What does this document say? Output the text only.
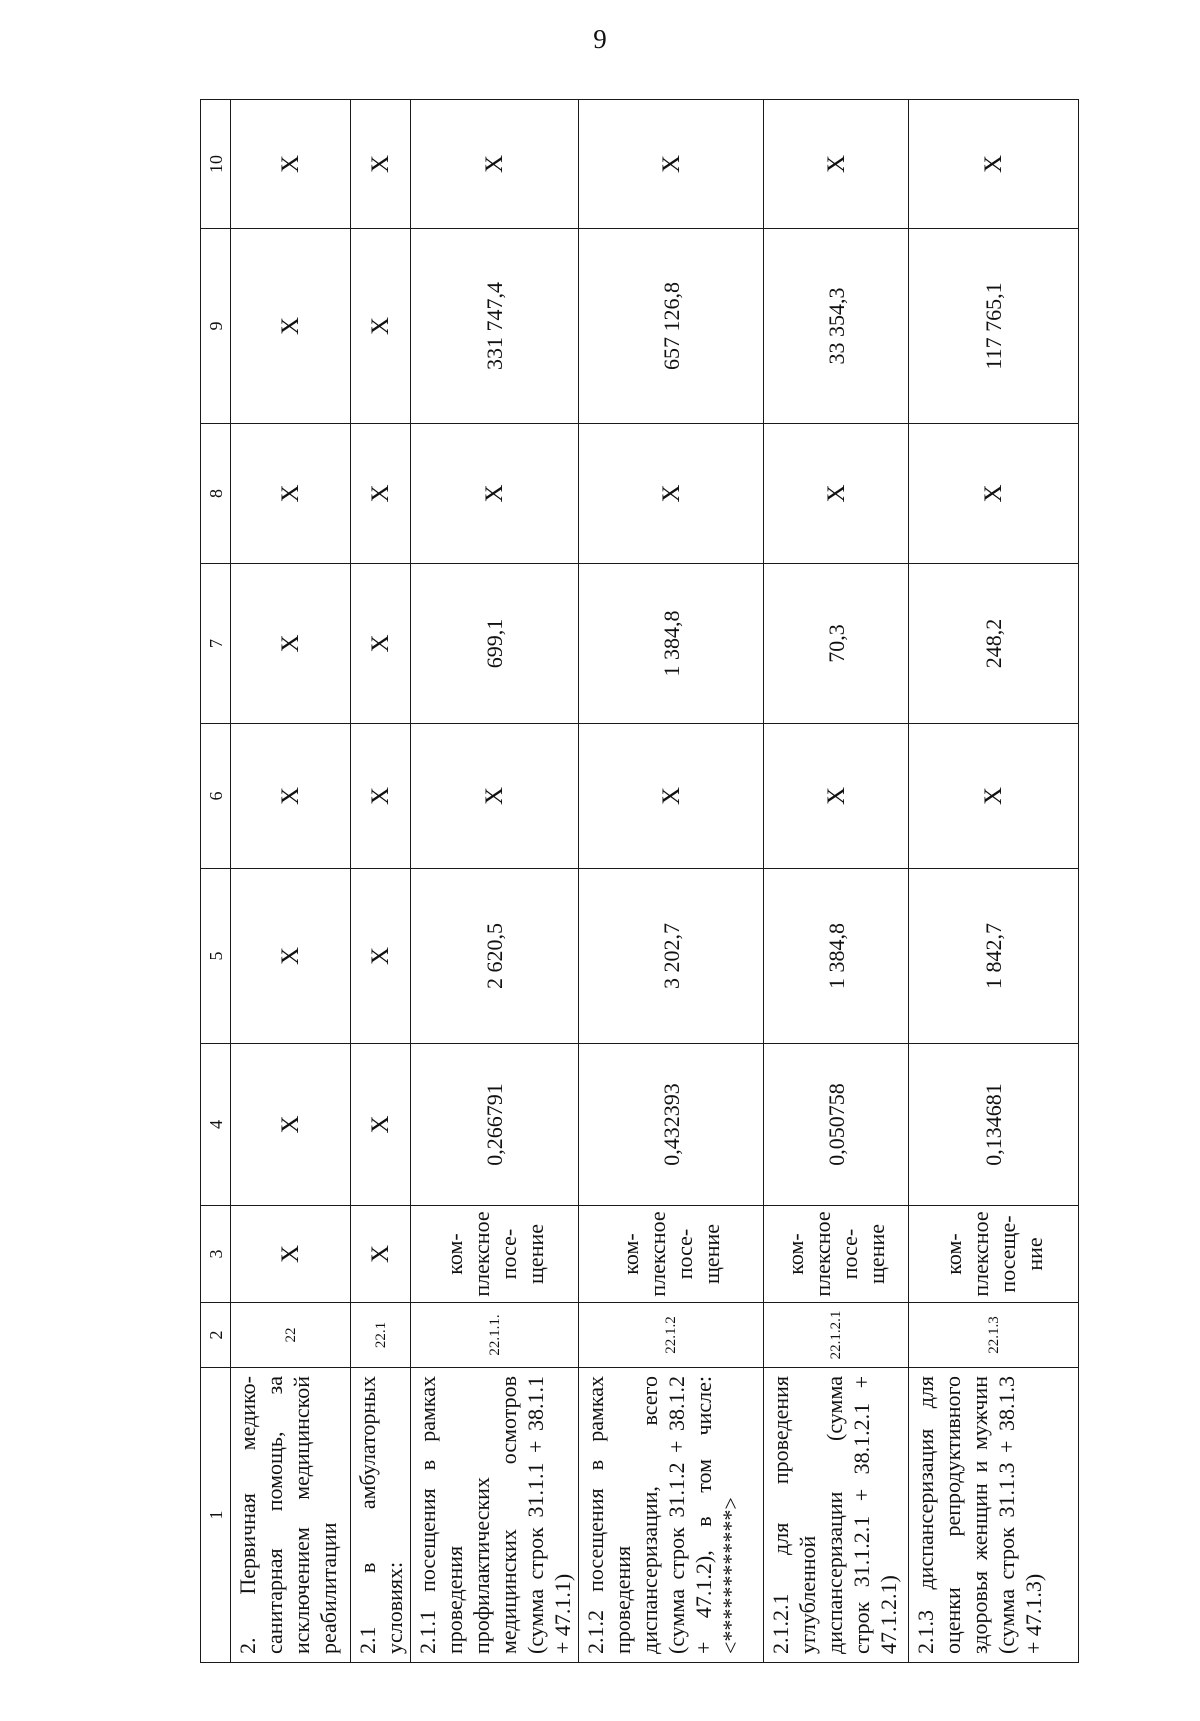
9
1	2	3	4	5	6	7	8	9	10
2. Первичная медико-санитарная помощь, за исключением медицинской реабилитации	22	Х	Х	Х	Х	Х	Х	Х	Х
2.1 в амбулаторных условиях:	22.1	Х	Х	Х	Х	Х	Х	Х	Х
2.1.1 посещения в рамках проведения профилактических медицинских осмотров (сумма строк 31.1.1 + 38.1.1 + 47.1.1)	22.1.1.	ком-плексное посе-щение	0,266791	2 620,5	Х	699,1	Х	331 747,4	Х
2.1.2 посещения в рамках проведения диспансеризации, всего (сумма строк 31.1.2 + 38.1.2 + 47.1.2), в том числе: <************>	22.1.2	ком-плексное посе-щение	0,432393	3 202,7	Х	1 384,8	Х	657 126,8	Х
2.1.2.1 для проведения углубленной диспансеризации (сумма строк 31.1.2.1 + 38.1.2.1 + 47.1.2.1)	22.1.2.1	ком-плексное посе-щение	0,050758	1 384,8	Х	70,3	Х	33 354,3	Х
2.1.3 диспансеризация для оценки репродуктивного здоровья женщин и мужчин (сумма строк 31.1.3 + 38.1.3 + 47.1.3)	22.1.3	ком-плексное посеще-ние	0,134681	1 842,7	Х	248,2	Х	117 765,1	Х
